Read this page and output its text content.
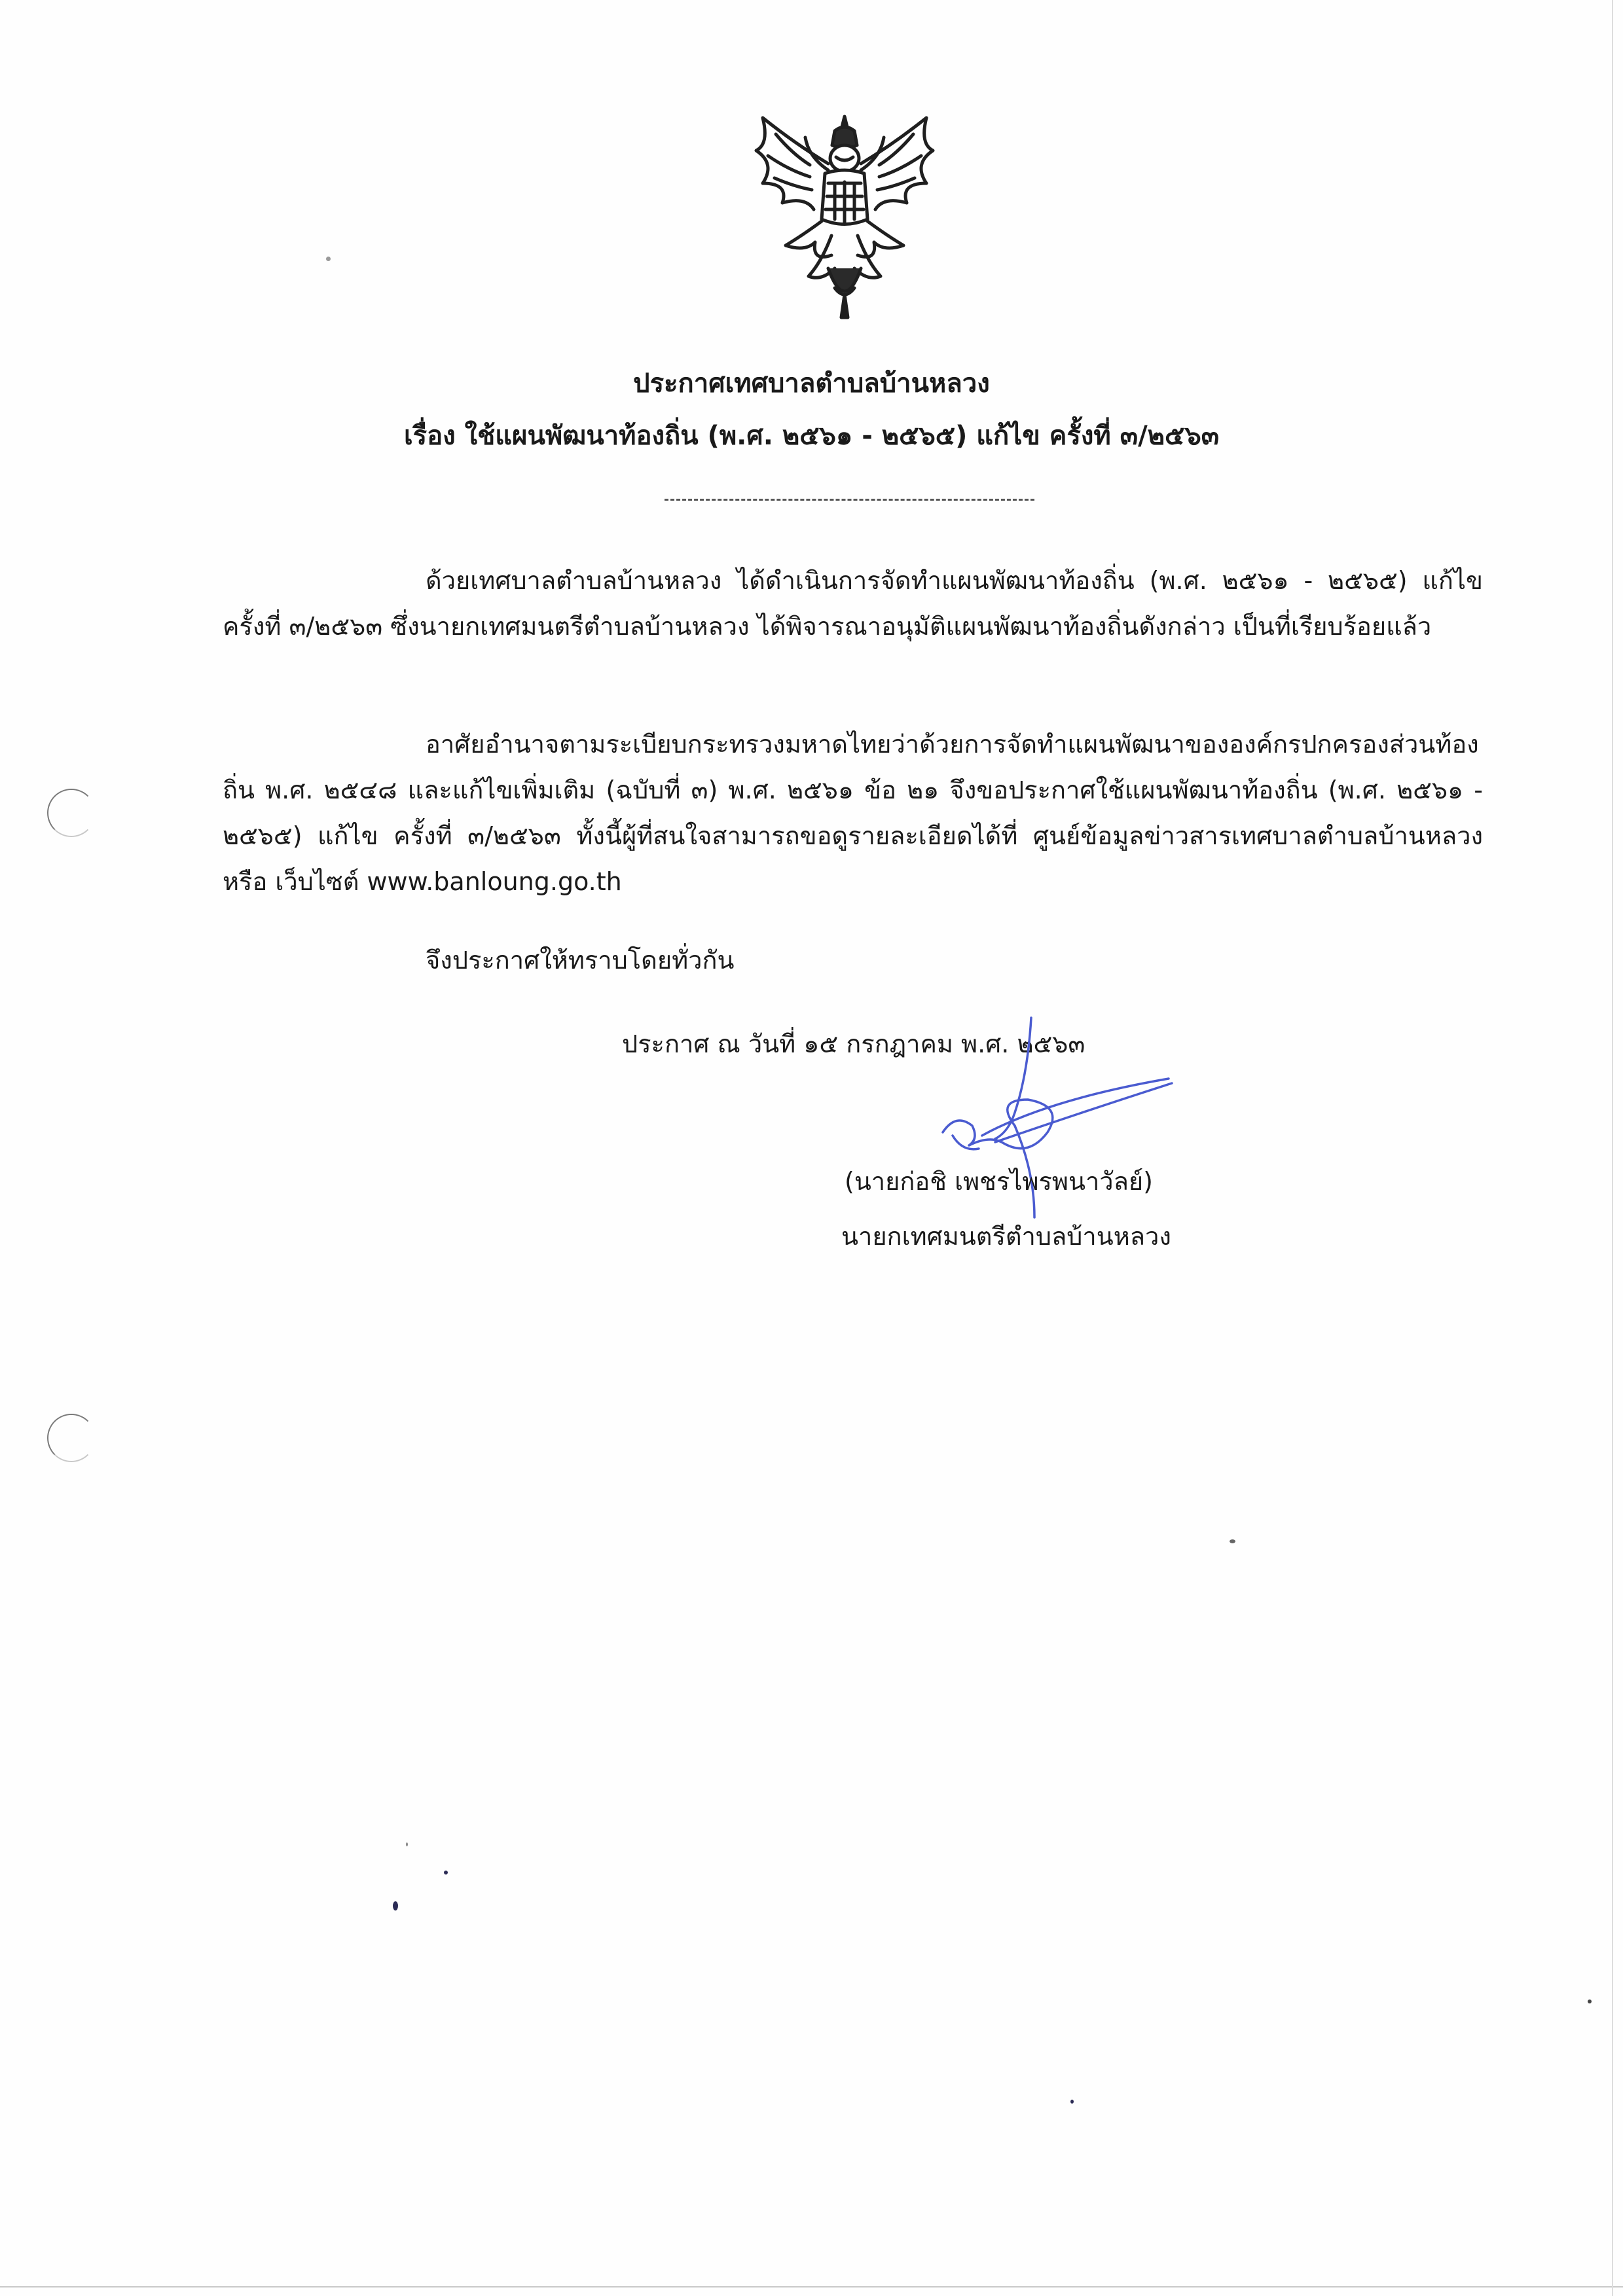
ประกาศเทศบาลตำบลบ้านหลวง
เรื่อง ใช้แผนพัฒนาท้องถิ่น (พ.ศ. ๒๕๖๑ - ๒๕๖๕) แก้ไข ครั้งที่ ๓/๒๕๖๓
ด้วยเทศบาลตำบลบ้านหลวง ได้ดำเนินการจัดทำแผนพัฒนาท้องถิ่น (พ.ศ. ๒๕๖๑ - ๒๕๖๕) แก้ไข ครั้งที่ ๓/๒๕๖๓ ซึ่งนายกเทศมนตรีตำบลบ้านหลวง ได้พิจารณาอนุมัติแผนพัฒนาท้องถิ่นดังกล่าว เป็นที่เรียบร้อยแล้ว
อาศัยอำนาจตามระเบียบกระทรวงมหาดไทยว่าด้วยการจัดทำแผนพัฒนาขององค์กรปกครองส่วนท้องถิ่น พ.ศ. ๒๕๔๘ และแก้ไขเพิ่มเติม (ฉบับที่ ๓) พ.ศ. ๒๕๖๑ ข้อ ๒๑ จึงขอประกาศใช้แผนพัฒนาท้องถิ่น (พ.ศ. ๒๕๖๑ - ๒๕๖๕) แก้ไข ครั้งที่ ๓/๒๕๖๓ ทั้งนี้ผู้ที่สนใจสามารถขอดูรายละเอียดได้ที่ ศูนย์ข้อมูลข่าวสารเทศบาลตำบลบ้านหลวง หรือ เว็บไซต์ www.banloung.go.th
จึงประกาศให้ทราบโดยทั่วกัน
ประกาศ ณ วันที่ ๑๕ กรกฎาคม พ.ศ. ๒๕๖๓
(นายก่อชิ เพชรไพรพนาวัลย์)
นายกเทศมนตรีตำบลบ้านหลวง
